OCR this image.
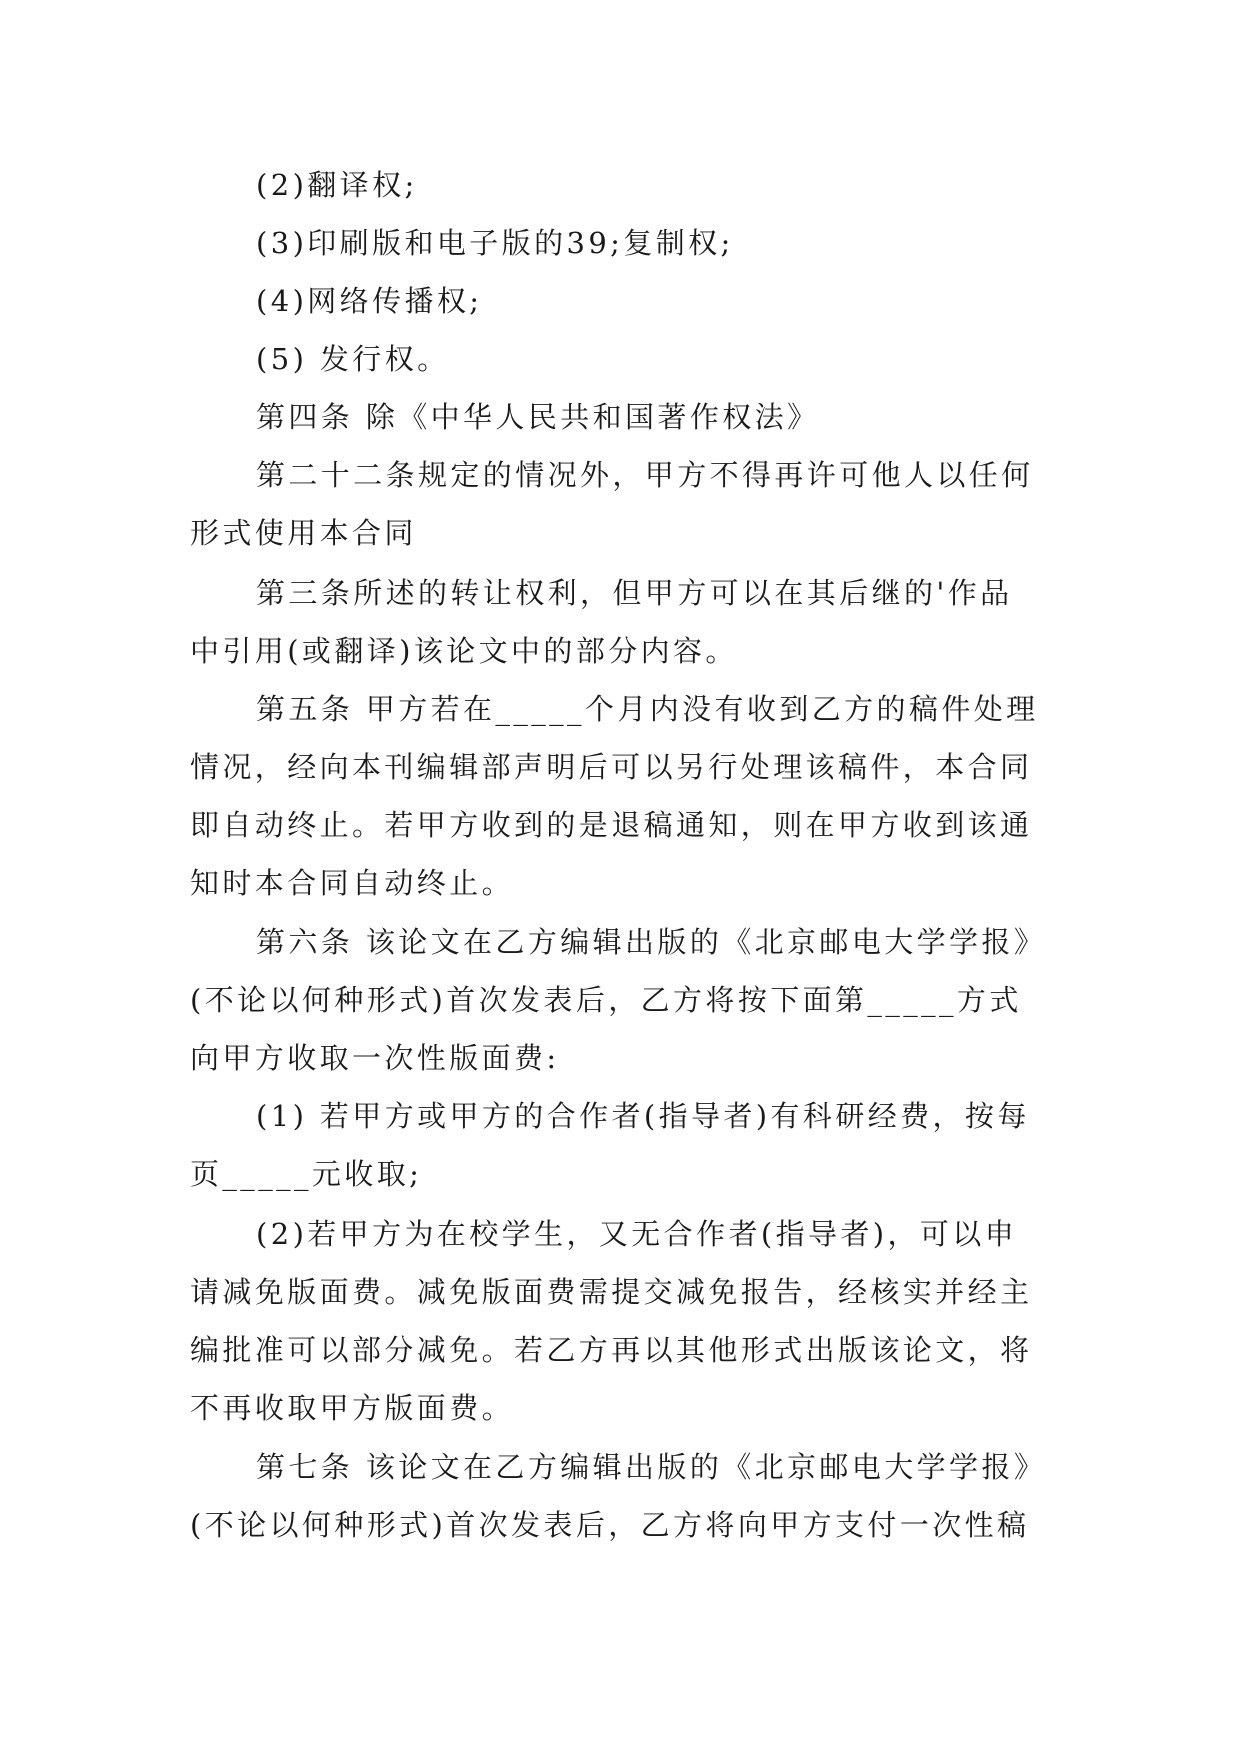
(2)翻译权;

(3)印刷版和电子版的39;复制权;

(4)网络传播权;

(5) 发行权。

第四条 除《中华人民共和国著作权法》

第二十二条规定的情况外，甲方不得再许可他人以任何

形式使用本合同

第三条所述的转让权利，但甲方可以在其后继的'作品

中引用(或翻译)该论文中的部分内容。

第五条 甲方若在_____个月内没有收到乙方的稿件处理

情况，经向本刊编辑部声明后可以另行处理该稿件，本合同

即自动终止。若甲方收到的是退稿通知，则在甲方收到该通

知时本合同自动终止。

第六条 该论文在乙方编辑出版的《北京邮电大学学报》

(不论以何种形式)首次发表后，乙方将按下面第_____方式

向甲方收取一次性版面费:

(1) 若甲方或甲方的合作者(指导者)有科研经费，按每

页_____元收取;

(2)若甲方为在校学生，又无合作者(指导者)，可以申

请减免版面费。减免版面费需提交减免报告，经核实并经主

编批准可以部分减免。若乙方再以其他形式出版该论文，将

不再收取甲方版面费。

第七条 该论文在乙方编辑出版的《北京邮电大学学报》

(不论以何种形式)首次发表后，乙方将向甲方支付一次性稿
